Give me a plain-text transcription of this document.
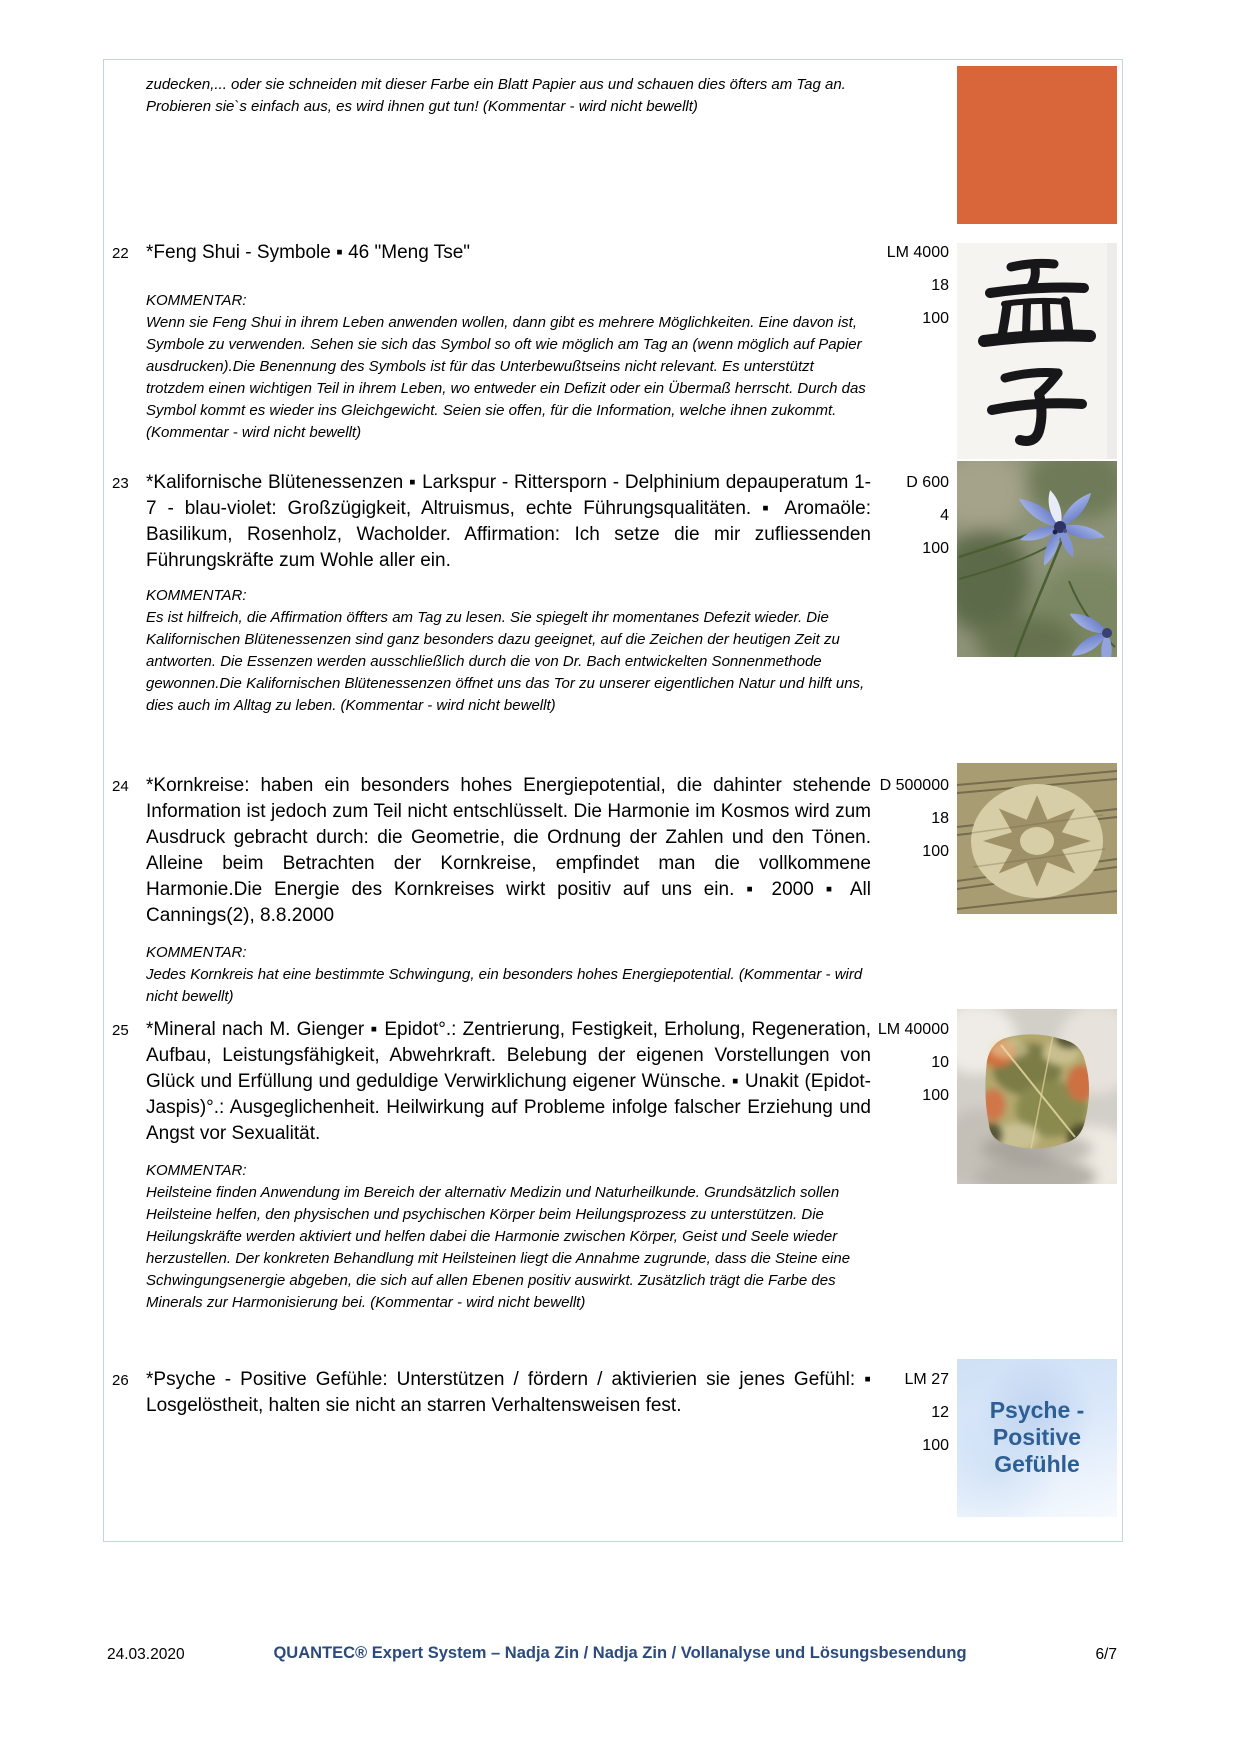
zudecken,... oder sie schneiden mit dieser Farbe ein Blatt Papier aus und schauen dies öfters am Tag an. Probieren sie`s einfach aus, es wird ihnen gut tun! (Kommentar - wird nicht bewellt)
22 *Feng Shui - Symbole ▪ 46 "Meng Tse"
KOMMENTAR:
Wenn sie Feng Shui in ihrem Leben anwenden wollen, dann gibt es mehrere Möglichkeiten. Eine davon ist, Symbole zu verwenden. Sehen sie sich das Symbol so oft wie möglich am Tag an (wenn möglich auf Papier ausdrucken).Die Benennung des Symbols ist für das Unterbewußtseins nicht relevant. Es unterstützt trotzdem einen wichtigen Teil in ihrem Leben, wo entweder ein Defizit oder ein Übermaß herrscht. Durch das Symbol kommt es wieder ins Gleichgewicht. Seien sie offen, für die Information, welche ihnen zukommt. (Kommentar - wird nicht bewellt)
LM 4000
18
100
23 *Kalifornische Blütenessenzen ▪ Larkspur - Rittersporn - Delphinium depauperatum 1-7 - blau-violet: Großzügigkeit, Altruismus, echte Führungsqualitäten. ▪ Aromaöle: Basilikum, Rosenholz, Wacholder. Affirmation: Ich setze die mir zufliessenden Führungskräfte zum Wohle aller ein.
KOMMENTAR:
Es ist hilfreich, die Affirmation öffters am Tag zu lesen. Sie spiegelt ihr momentanes Defezit wieder. Die Kalifornischen Blütenessenzen sind ganz besonders dazu geeignet, auf die Zeichen der heutigen Zeit zu antworten. Die Essenzen werden ausschließlich durch die von Dr. Bach entwickelten Sonnenmethode gewonnen.Die Kalifornischen Blütenessenzen öffnet uns das Tor zu unserer eigentlichen Natur und hilft uns, dies auch im Alltag zu leben. (Kommentar - wird nicht bewellt)
D 600
4
100
24 *Kornkreise: haben ein besonders hohes Energiepotential, die dahinter stehende Information ist jedoch zum Teil nicht entschlüsselt. Die Harmonie im Kosmos wird zum Ausdruck gebracht durch: die Geometrie, die Ordnung der Zahlen und den Tönen. Alleine beim Betrachten der Kornkreise, empfindet man die vollkommene Harmonie.Die Energie des Kornkreises wirkt positiv auf uns ein. ▪ 2000 ▪ All Cannings(2), 8.8.2000
KOMMENTAR:
Jedes Kornkreis hat eine bestimmte Schwingung, ein besonders hohes Energiepotential. (Kommentar - wird nicht bewellt)
D 500000
18
100
25 *Mineral nach M. Gienger ▪ Epidot°.: Zentrierung, Festigkeit, Erholung, Regeneration, Aufbau, Leistungsfähigkeit, Abwehrkraft. Belebung der eigenen Vorstellungen von Glück und Erfüllung und geduldige Verwirklichung eigener Wünsche. ▪ Unakit (Epidot-Jaspis)°.: Ausgeglichenheit. Heilwirkung auf Probleme infolge falscher Erziehung und Angst vor Sexualität.
KOMMENTAR:
Heilsteine finden Anwendung im Bereich der alternativ Medizin und Naturheilkunde. Grundsätzlich sollen Heilsteine helfen, den physischen und psychischen Körper beim Heilungsprozess zu unterstützen. Die Heilungskräfte werden aktiviert und helfen dabei die Harmonie zwischen Körper, Geist und Seele wieder herzustellen. Der konkreten Behandlung mit Heilsteinen liegt die Annahme zugrunde, dass die Steine eine Schwingungsenergie abgeben, die sich auf allen Ebenen positiv auswirkt. Zusätzlich trägt die Farbe des Minerals zur Harmonisierung bei. (Kommentar - wird nicht bewellt)
LM 40000
10
100
26 *Psyche - Positive Gefühle: Unterstützen / fördern / aktivierien sie jenes Gefühl: ▪ Losgelöstheit, halten sie nicht an starren Verhaltensweisen fest.
LM 27
12
100
Psyche -
Positive
Gefühle
24.03.2020	QUANTEC® Expert System – Nadja Zin / Nadja Zin / Vollanalyse und Lösungsbesendung	6/7
